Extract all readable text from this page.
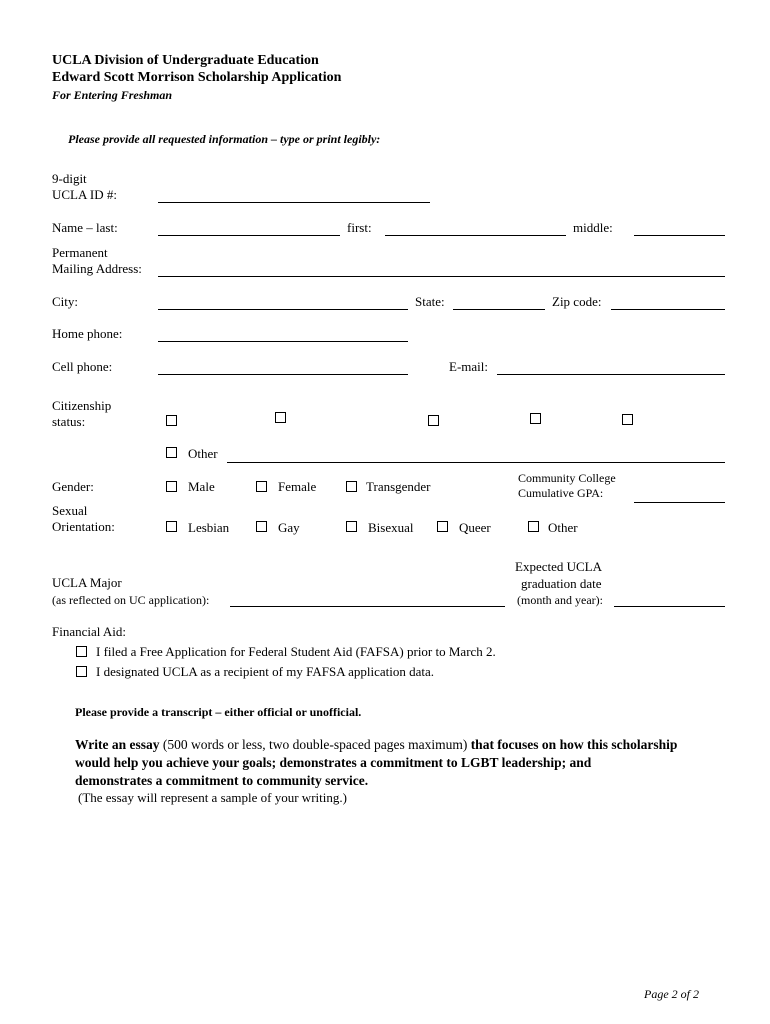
UCLA Division of Undergraduate Education
Edward Scott Morrison Scholarship Application
For Entering Freshman
Please provide all requested information – type or print legibly:
9-digit
UCLA ID #:
Name – last:	first:	middle:
Permanent
Mailing Address:
City:	State:	Zip code:
Home phone:
Cell phone:	E-mail:
Citizenship
status:
Other
Gender:	Male	Female	Transgender
Community College
Cumulative GPA:
Sexual
Orientation:	Lesbian	Gay	Bisexual	Queer	Other
UCLA Major
(as reflected on UC application):
Expected UCLA
graduation date
(month and year):
Financial Aid:
I filed a Free Application for Federal Student Aid (FAFSA) prior to March 2.
I designated UCLA as a recipient of my FAFSA application data.
Please provide a transcript – either official or unofficial.
Write an essay (500 words or less, two double-spaced pages maximum) that focuses on how this scholarship
would help you achieve your goals; demonstrates a commitment to LGBT leadership; and
demonstrates a commitment to community service.
(The essay will represent a sample of your writing.)
Page 2 of 2
